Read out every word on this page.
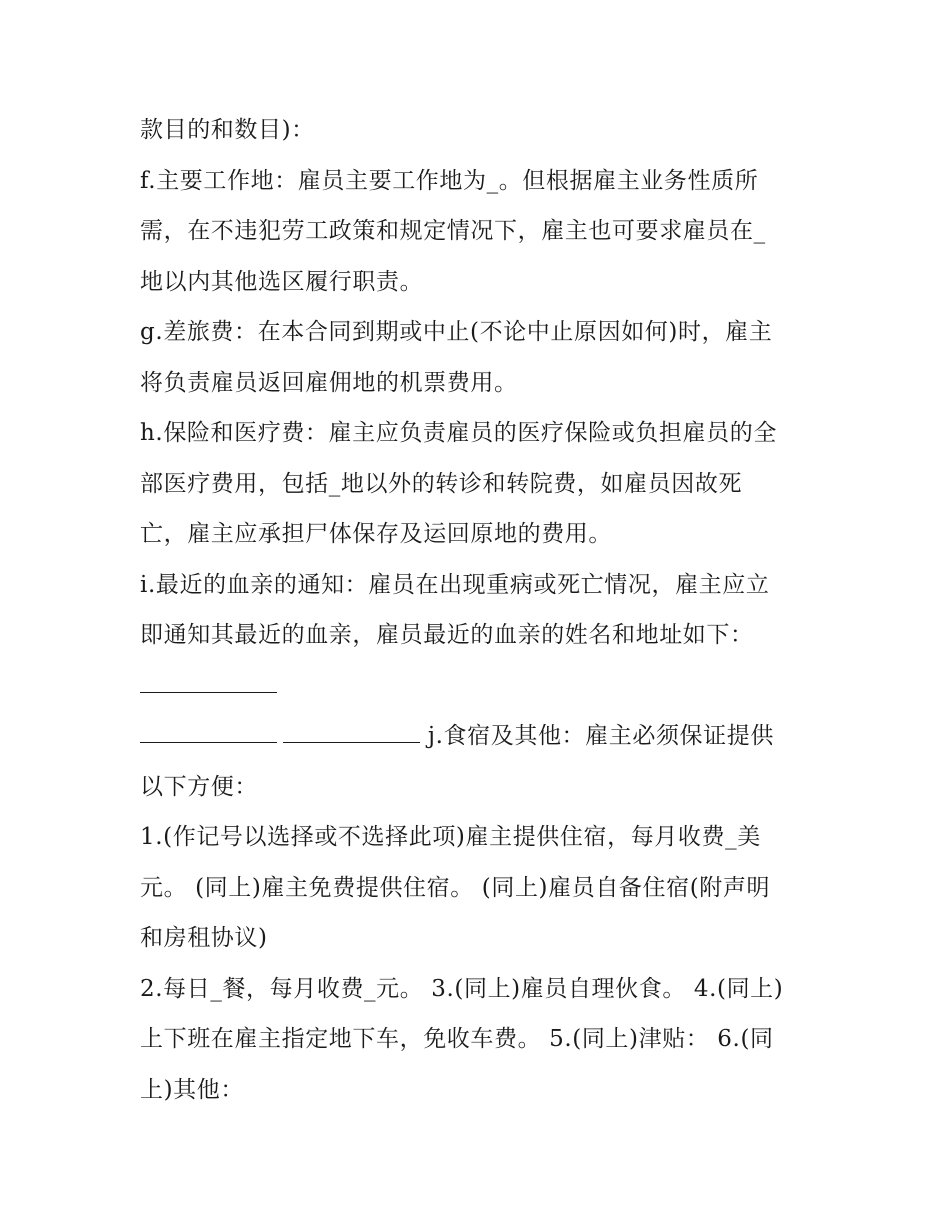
款目的和数目)：
f.主要工作地：雇员主要工作地为_。但根据雇主业务性质所
需，在不违犯劳工政策和规定情况下，雇主也可要求雇员在_
地以内其他选区履行职责。
g.差旅费：在本合同到期或中止(不论中止原因如何)时，雇主
将负责雇员返回雇佣地的机票费用。
h.保险和医疗费：雇主应负责雇员的医疗保险或负担雇员的全
部医疗费用，包括_地以外的转诊和转院费，如雇员因故死
亡，雇主应承担尸体保存及运回原地的费用。
i.最近的血亲的通知：雇员在出现重病或死亡情况，雇主应立
即通知其最近的血亲，雇员最近的血亲的姓名和地址如下：
j.食宿及其他：雇主必须保证提供
以下方便：
1.(作记号以选择或不选择此项)雇主提供住宿，每月收费_美
元。 (同上)雇主免费提供住宿。 (同上)雇员自备住宿(附声明
和房租协议)
2.每日_餐，每月收费_元。 3.(同上)雇员自理伙食。 4.(同上)
上下班在雇主指定地下车，免收车费。 5.(同上)津贴： 6.(同
上)其他：
